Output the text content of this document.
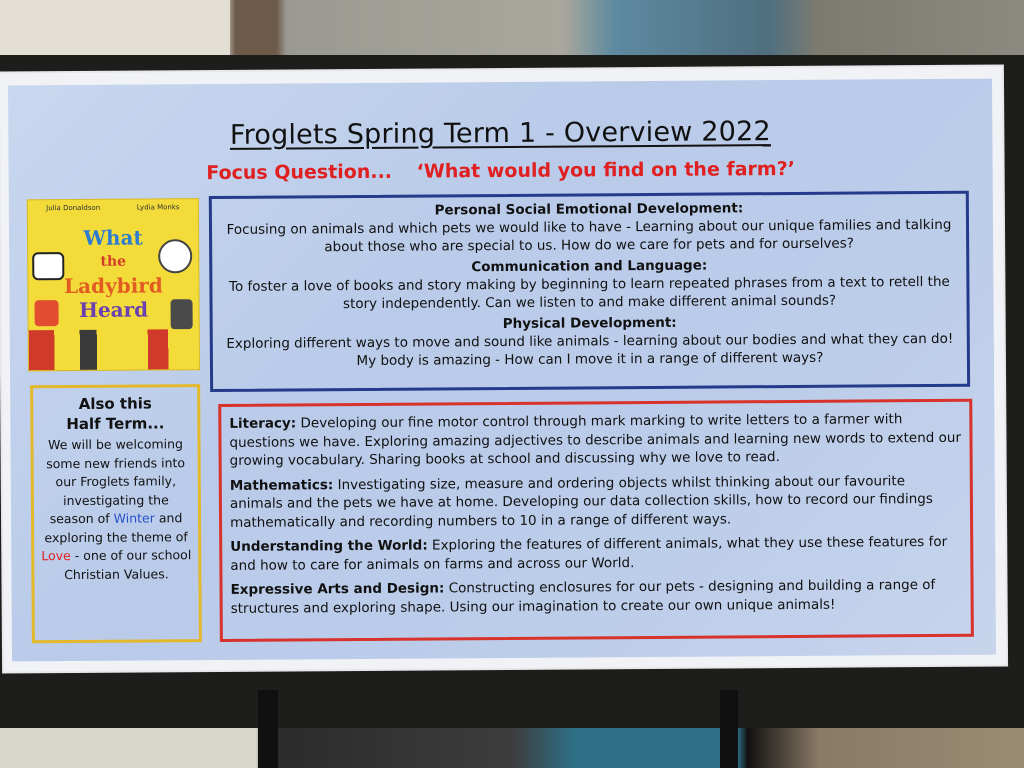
Froglets Spring Term 1 - Overview 2022
Focus Question... ‘What would you find on the farm?’
Julia Donaldson	Lydia Monks
What
the
Ladybird
Heard
Also this
Half Term...
We will be welcoming some new friends into our Froglets family, investigating the season of Winter and exploring the theme of Love - one of our school Christian Values.
Personal Social Emotional Development:
Focusing on animals and which pets we would like to have - Learning about our unique families and talking about those who are special to us. How do we care for pets and for ourselves?
Communication and Language:
To foster a love of books and story making by beginning to learn repeated phrases from a text to retell the story independently. Can we listen to and make different animal sounds?
Physical Development:
Exploring different ways to move and sound like animals - learning about our bodies and what they can do! My body is amazing - How can I move it in a range of different ways?

Literacy: Developing our fine motor control through mark marking to write letters to a farmer with questions we have. Exploring amazing adjectives to describe animals and learning new words to extend our growing vocabulary. Sharing books at school and discussing why we love to read.

Mathematics: Investigating size, measure and ordering objects whilst thinking about our favourite animals and the pets we have at home. Developing our data collection skills, how to record our findings mathematically and recording numbers to 10 in a range of different ways.

Understanding the World: Exploring the features of different animals, what they use these features for and how to care for animals on farms and across our World.

Expressive Arts and Design: Constructing enclosures for our pets - designing and building a range of structures and exploring shape. Using our imagination to create our own unique animals!
